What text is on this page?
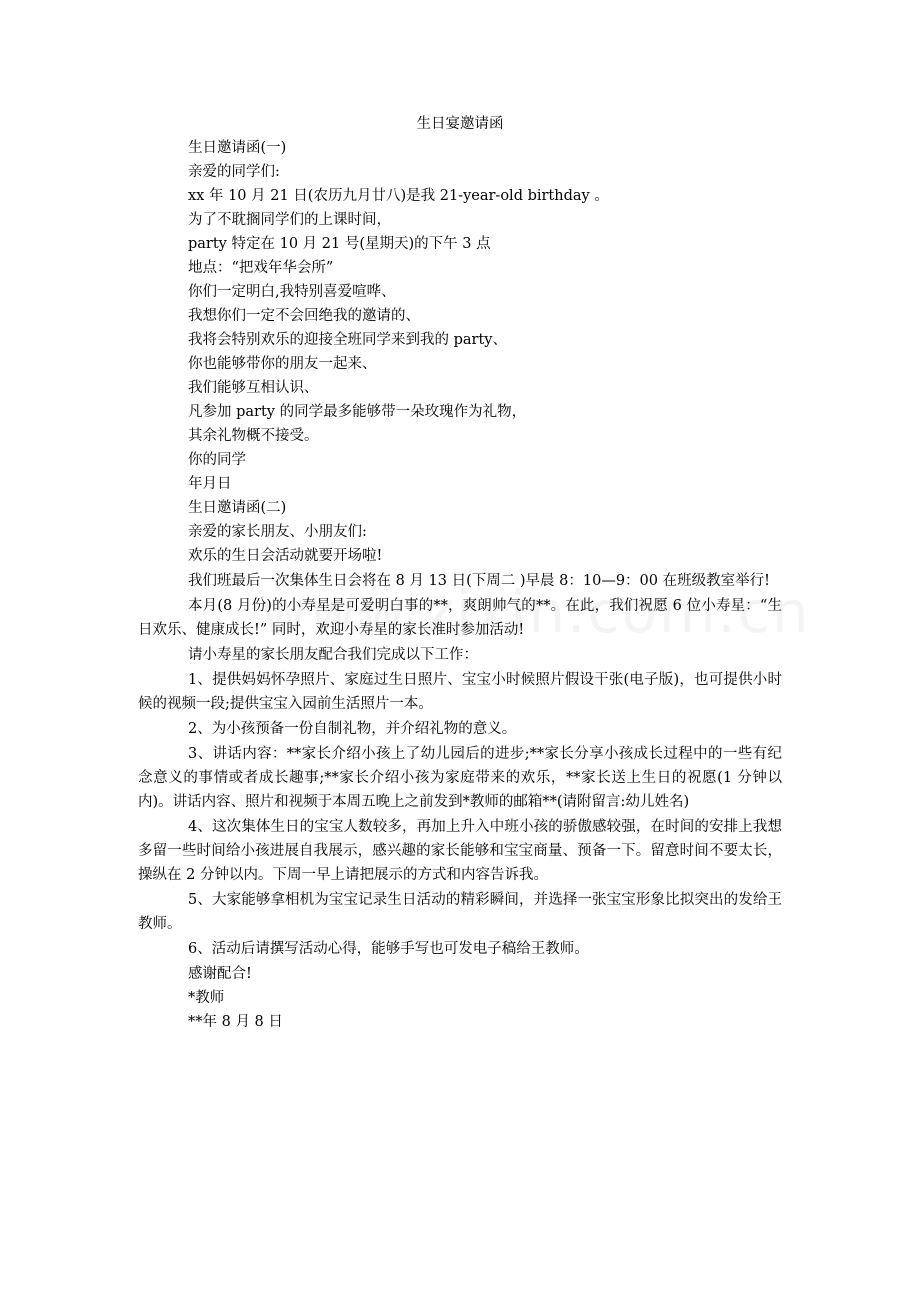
生日宴邀请函
生日邀请函(一)
亲爱的同学们:
xx 年 10 月 21 日(农历九月廿八)是我 21-year-old birthday 。
为了不耽搁同学们的上课时间，
party 特定在 10 月 21 号(星期天)的下午 3 点
地点：“把戏年华会所”
你们一定明白,我特别喜爱喧哗、
我想你们一定不会回绝我的邀请的、
我将会特别欢乐的迎接全班同学来到我的 party、
你也能够带你的朋友一起来、
我们能够互相认识、
凡参加 party 的同学最多能够带一朵玫瑰作为礼物，
其余礼物概不接受。
你的同学
年月日
生日邀请函(二)
亲爱的家长朋友、小朋友们:
欢乐的生日会活动就要开场啦!
我们班最后一次集体生日会将在 8 月 13 日(下周二 )早晨 8：10—9：00 在班级教室举行!
本月(8 月份)的小寿星是可爱明白事的**，爽朗帅气的**。在此，我们祝愿 6 位小寿星：“生日欢乐、健康成长!” 同时，欢迎小寿星的家长准时参加活动!
请小寿星的家长朋友配合我们完成以下工作：
1、提供妈妈怀孕照片、家庭过生日照片、宝宝小时候照片假设干张(电子版)，也可提供小时候的视频一段;提供宝宝入园前生活照片一本。
2、为小孩预备一份自制礼物，并介绍礼物的意义。
3、讲话内容：**家长介绍小孩上了幼儿园后的进步;**家长分享小孩成长过程中的一些有纪念意义的事情或者成长趣事;**家长介绍小孩为家庭带来的欢乐，**家长送上生日的祝愿(1 分钟以内)。讲话内容、照片和视频于本周五晚上之前发到*教师的邮箱**(请附留言:幼儿姓名)
4、这次集体生日的宝宝人数较多，再加上升入中班小孩的骄傲感较强，在时间的安排上我想多留一些时间给小孩进展自我展示，感兴趣的家长能够和宝宝商量、预备一下。留意时间不要太长，操纵在 2 分钟以内。下周一早上请把展示的方式和内容告诉我。
5、大家能够拿相机为宝宝记录生日活动的精彩瞬间，并选择一张宝宝形象比拟突出的发给王教师。
6、活动后请撰写活动心得，能够手写也可发电子稿给王教师。
感谢配合!
*教师
**年 8 月 8 日
